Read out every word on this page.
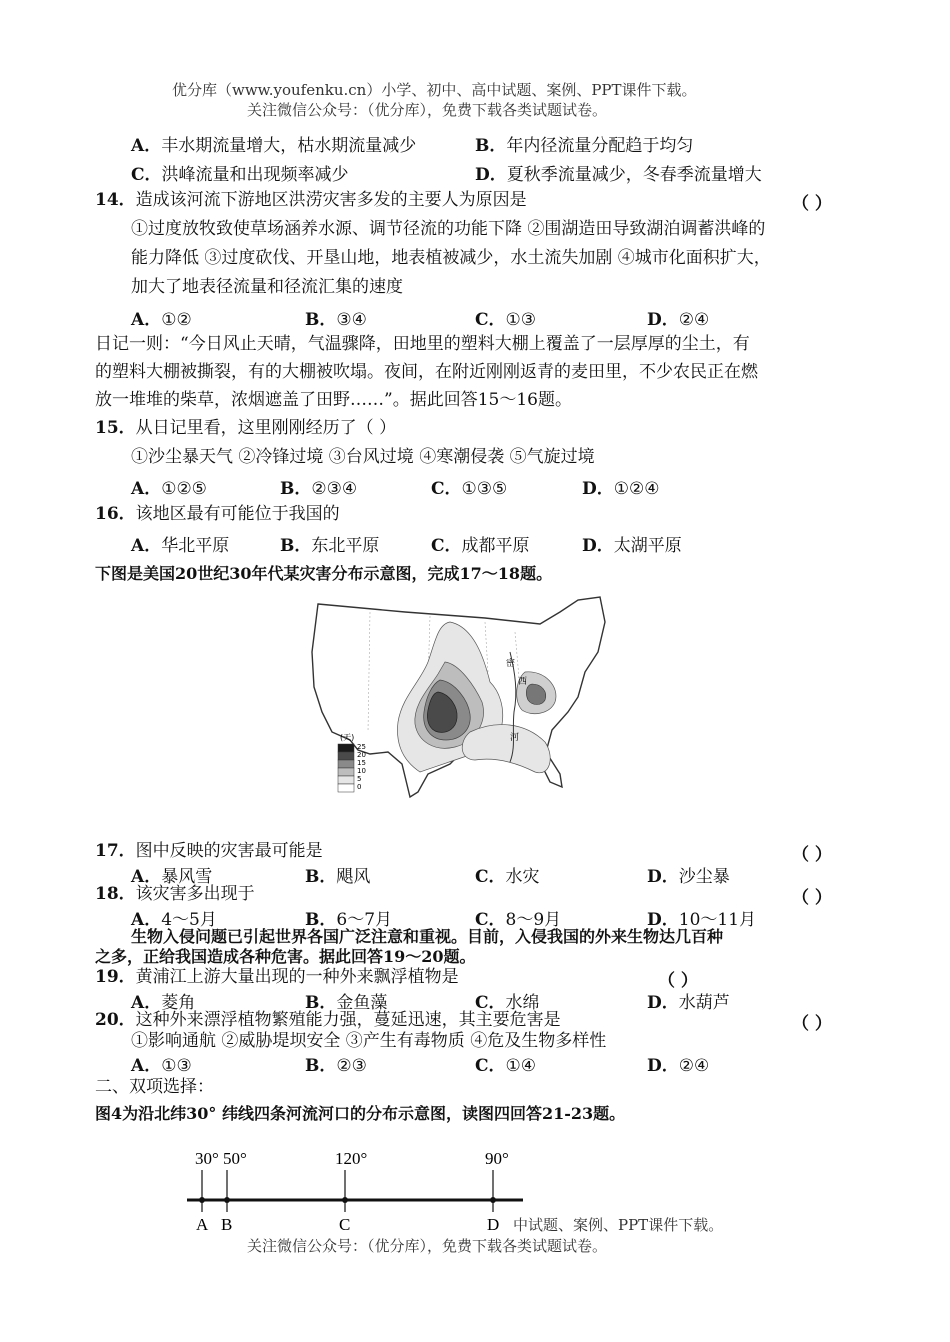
优分库（www.youfenku.cn）小学、初中、高中试题、案例、PPT课件下载。
关注微信公众号：（优分库），免费下载各类试题试卷。
A．丰水期流量增大，枯水期流量减少	B．年内径流量分配趋于均匀
C．洪峰流量和出现频率减少	D．夏秋季流量减少，冬春季流量增大
14．造成该河流下游地区洪涝灾害多发的主要人为原因是	（ ）
①过度放牧致使草场涵养水源、调节径流的功能下降 ②围湖造田导致湖泊调蓄洪峰的
能力降低 ③过度砍伐、开垦山地，地表植被减少，水土流失加剧 ④城市化面积扩大，
加大了地表径流量和径流汇集的速度
A．①②	B．③④	C．①③	D．②④
日记一则：“今日风止天晴，气温骤降，田地里的塑料大棚上覆盖了一层厚厚的尘土，有
的塑料大棚被撕裂，有的大棚被吹塌。夜间，在附近刚刚返青的麦田里，不少农民正在燃
放一堆堆的柴草，浓烟遮盖了田野……”。据此回答15～16题。
15．从日记里看，这里刚刚经历了（ ）
①沙尘暴天气 ②冷锋过境 ③台风过境 ④寒潮侵袭 ⑤气旋过境
A．①②⑤	B．②③④	C．①③⑤	D．①②④
16．该地区最有可能位于我国的
A．华北平原	B．东北平原	C．成都平原	D．太湖平原
下图是美国20世纪30年代某灾害分布示意图，完成17～18题。
密
西
河
(天)
25
20
15
10
5
0
17．图中反映的灾害最可能是	（ ）
A．暴风雪	B．飓风	C．水灾	D．沙尘暴
18．该灾害多出现于	（ ）
A．4～5月	B．6～7月	C．8～9月	D．10～11月
生物入侵问题已引起世界各国广泛注意和重视。目前，入侵我国的外来生物达几百种
之多，正给我国造成各种危害。据此回答19～20题。
19．黄浦江上游大量出现的一种外来飘浮植物是	（ ）
A．菱角	B．金鱼藻	C．水绵	D．水葫芦
20．这种外来漂浮植物繁殖能力强，蔓延迅速，其主要危害是	（ ）
①影响通航 ②威胁堤坝安全 ③产生有毒物质 ④危及生物多样性
A．①③	B．②③	C．①④	D．②④
二、双项选择：
图4为沿北纬30° 纬线四条河流河口的分布示意图，读图四回答21-23题。
30° 50°	120°	90°
A B	C	D 中试题、案例、PPT课件下载。
关注微信公众号：（优分库），免费下载各类试题试卷。
